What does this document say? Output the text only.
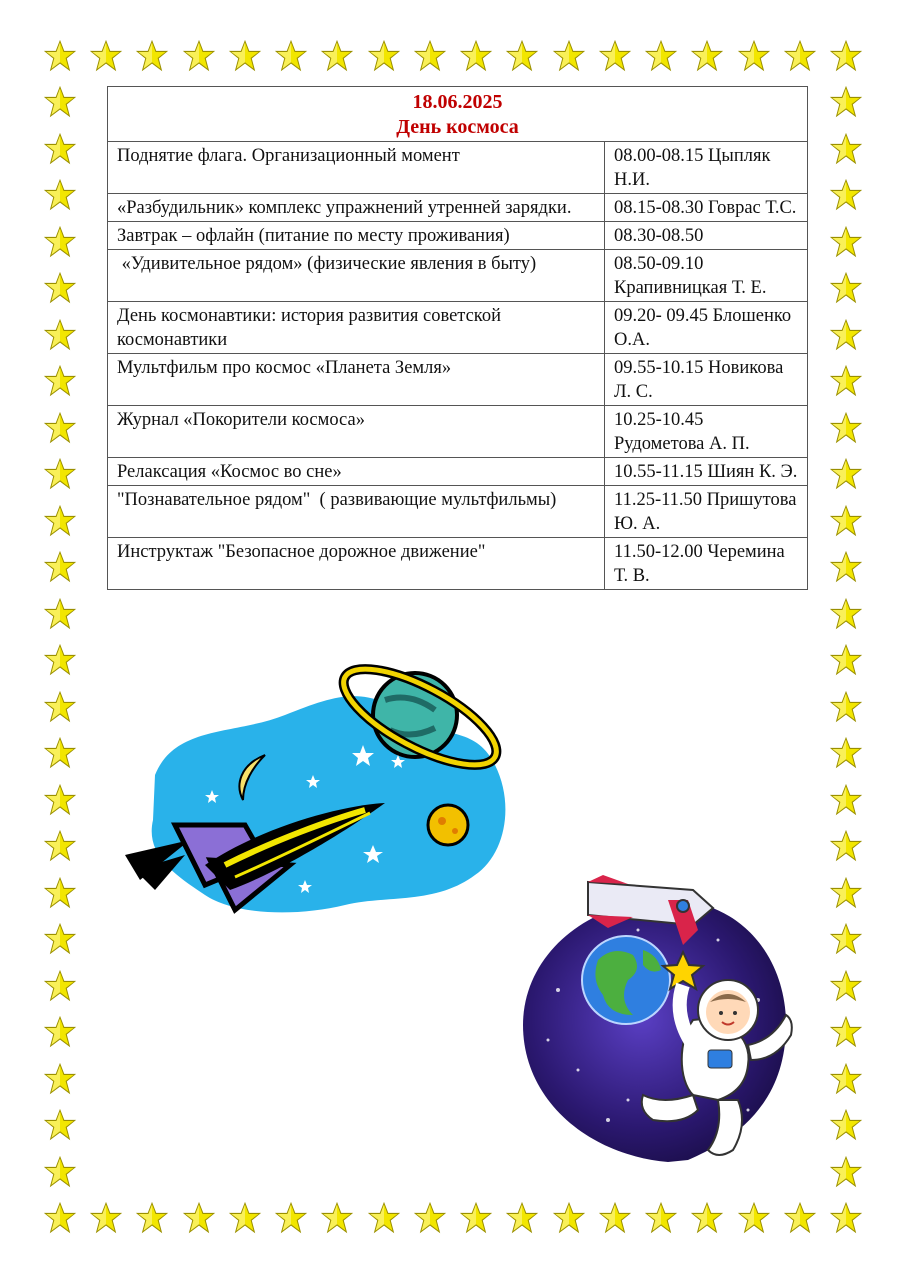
18.06.2025
День космоса	

Поднятие флага. Организационный момент	08.00-08.15 Цыпляк Н.И.
«Разбудильник» комплекс упражнений утренней зарядки.	08.15-08.30 Говрас Т.С.
Завтрак – офлайн (питание по месту проживания)	08.30-08.50
«Удивительное рядом» (физические явления в быту)	08.50-09.10 Крапивницкая Т. Е.
День космонавтики: история развития советской космонавтики	09.20- 09.45 Блошенко О.А.
Мультфильм про космос «Планета Земля»	09.55-10.15 Новикова Л. С.
Журнал «Покорители космоса»	10.25-10.45 Рудометова А. П.
Релаксация «Космос во сне»	10.55-11.15 Шиян К. Э.
"Познавательное рядом"  ( развивающие мультфильмы)	11.25-11.50 Пришутова Ю. А.
Инструктаж "Безопасное дорожное движение"	11.50-12.00 Черемина Т. В.
